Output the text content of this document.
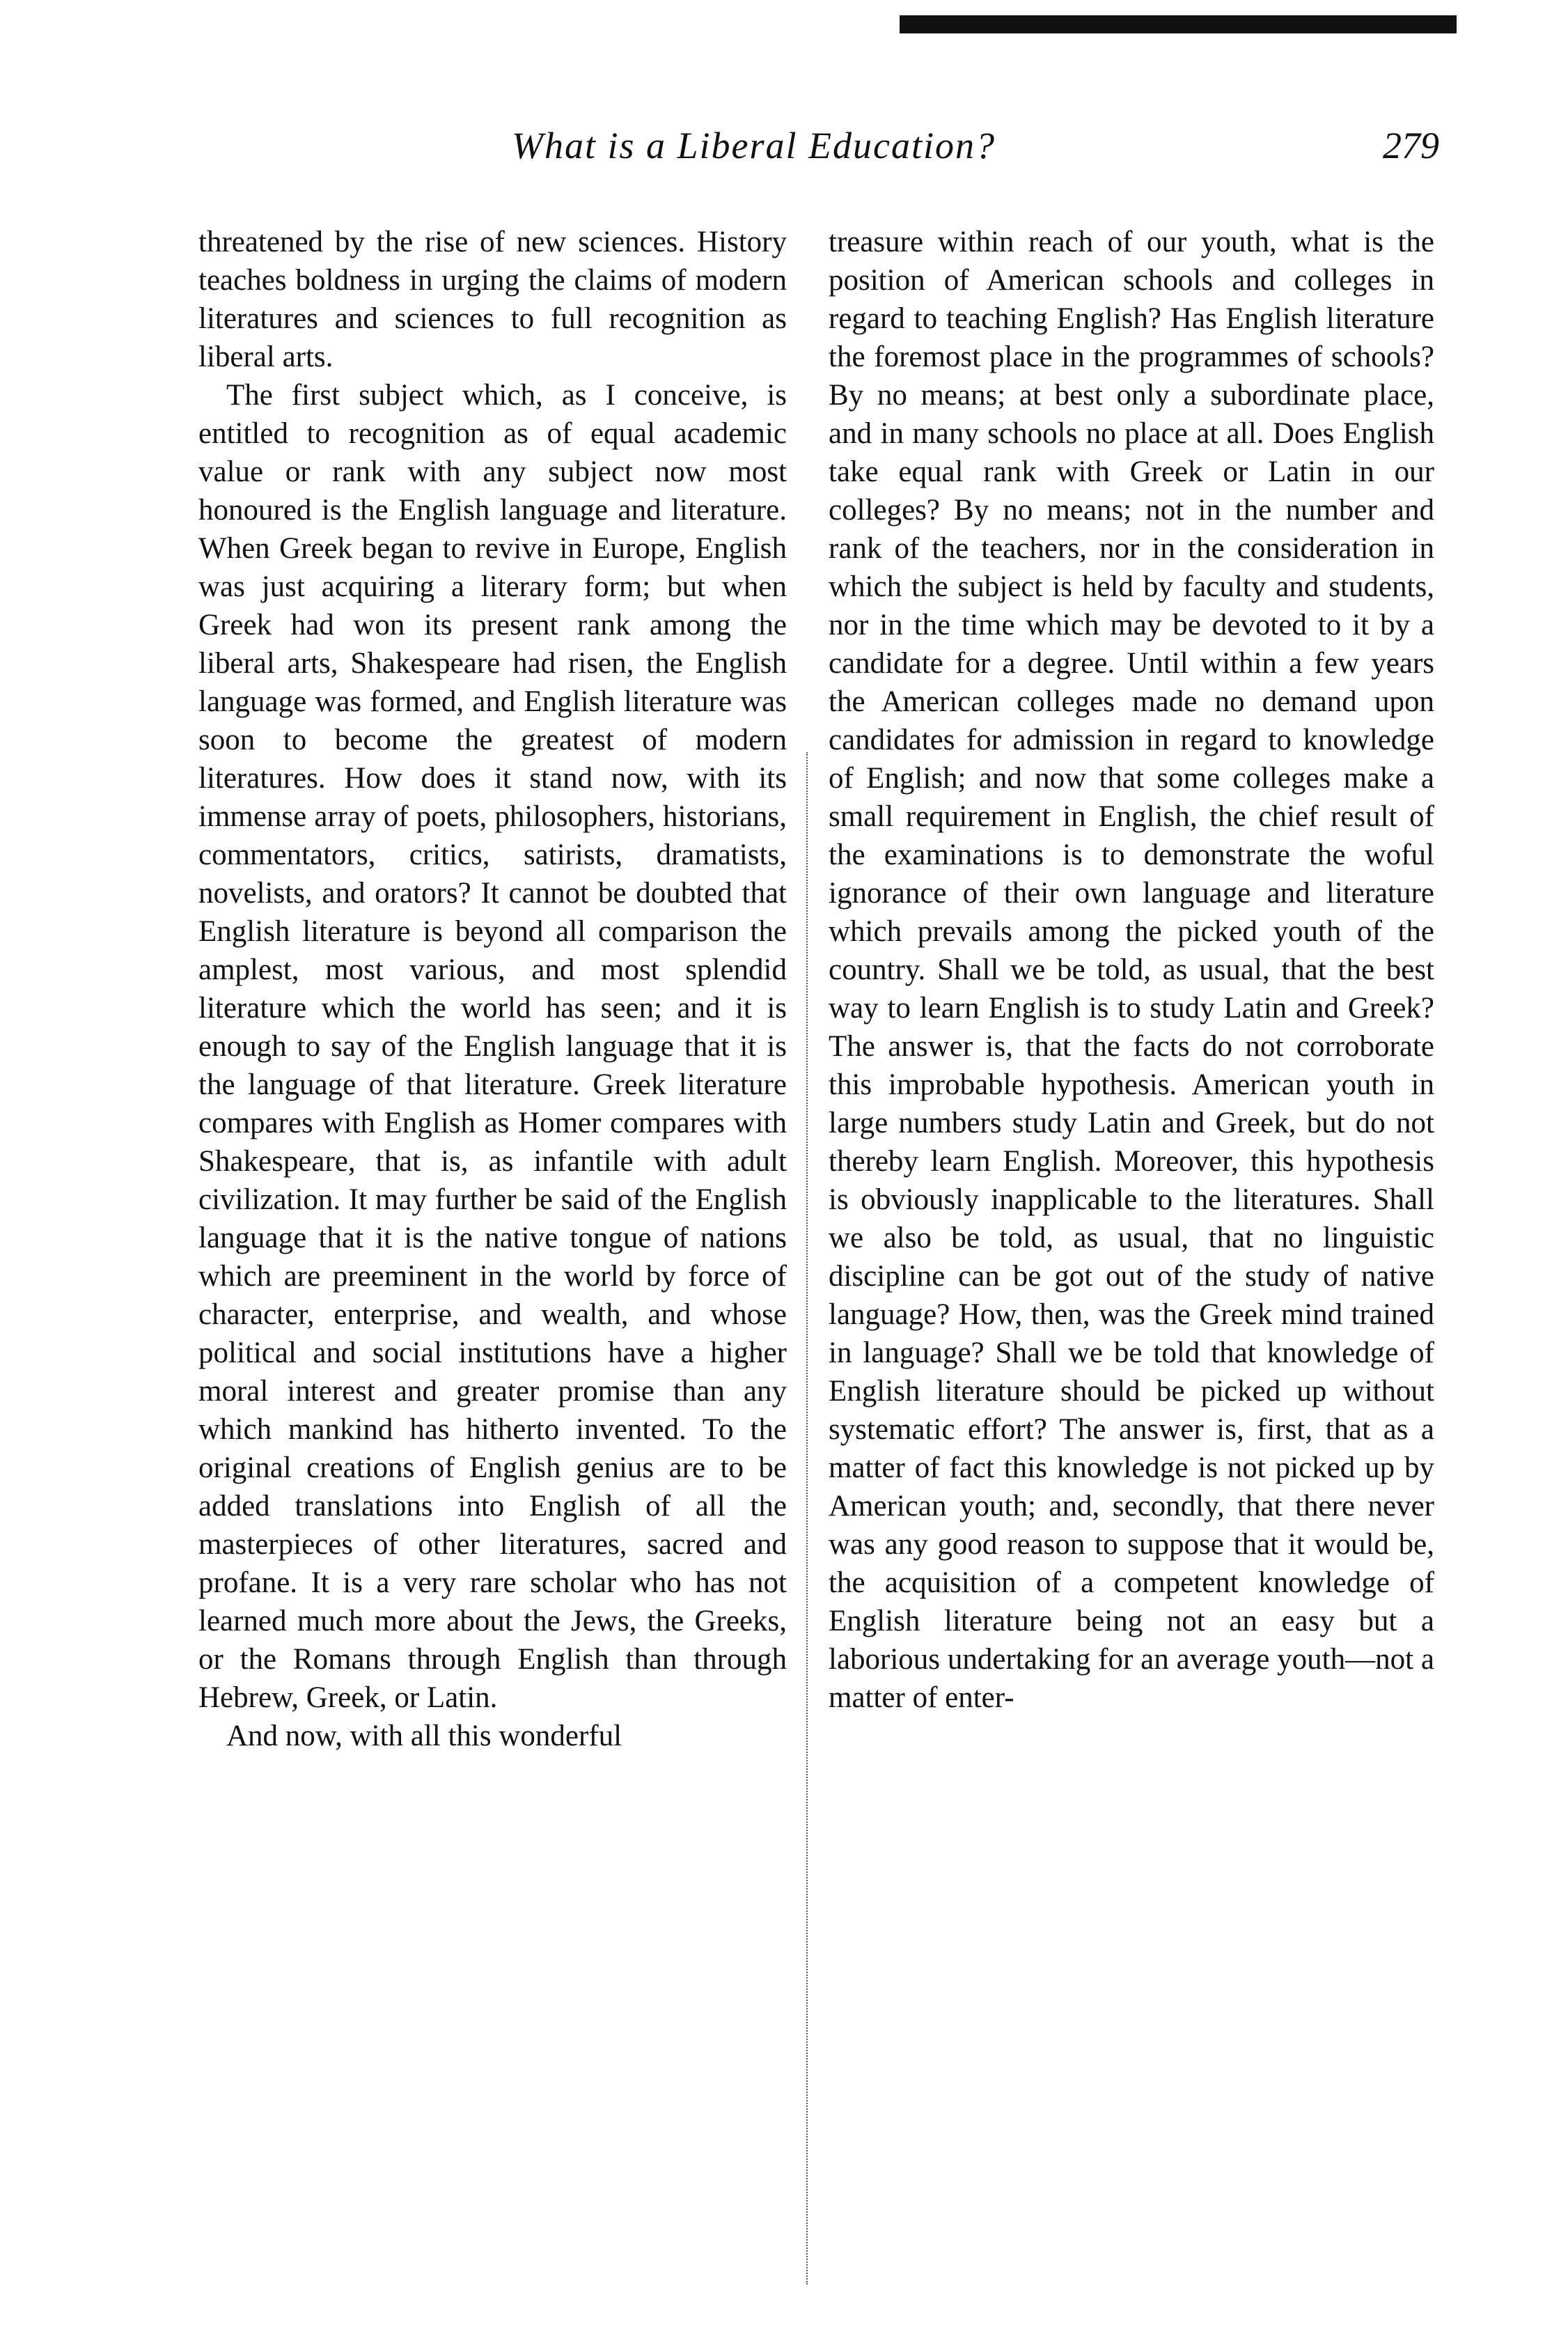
What is a Liberal Education?	279

threatened by the rise of new sciences. History teaches boldness in urging the claims of modern literatures and sciences to full recognition as liberal arts.

The first subject which, as I conceive, is entitled to recognition as of equal academic value or rank with any subject now most honoured is the English language and literature. When Greek began to revive in Europe, English was just acquiring a literary form; but when Greek had won its present rank among the liberal arts, Shakespeare had risen, the English language was formed, and English literature was soon to become the greatest of modern literatures. How does it stand now, with its immense array of poets, philosophers, historians, commentators, critics, satirists, dramatists, novelists, and orators? It cannot be doubted that English literature is beyond all comparison the amplest, most various, and most splendid literature which the world has seen; and it is enough to say of the English language that it is the language of that literature. Greek literature compares with English as Homer compares with Shakespeare, that is, as infantile with adult civilization. It may further be said of the English language that it is the native tongue of nations which are preeminent in the world by force of character, enterprise, and wealth, and whose political and social institutions have a higher moral interest and greater promise than any which mankind has hitherto invented. To the original creations of English genius are to be added translations into English of all the masterpieces of other literatures, sacred and profane. It is a very rare scholar who has not learned much more about the Jews, the Greeks, or the Romans through English than through Hebrew, Greek, or Latin.

And now, with all this wonderful

treasure within reach of our youth, what is the position of American schools and colleges in regard to teaching English? Has English literature the foremost place in the programmes of schools? By no means; at best only a subordinate place, and in many schools no place at all. Does English take equal rank with Greek or Latin in our colleges? By no means; not in the number and rank of the teachers, nor in the consideration in which the subject is held by faculty and students, nor in the time which may be devoted to it by a candidate for a degree. Until within a few years the American colleges made no demand upon candidates for admission in regard to knowledge of English; and now that some colleges make a small requirement in English, the chief result of the examinations is to demonstrate the woful ignorance of their own language and literature which prevails among the picked youth of the country. Shall we be told, as usual, that the best way to learn English is to study Latin and Greek? The answer is, that the facts do not corroborate this improbable hypothesis. American youth in large numbers study Latin and Greek, but do not thereby learn English. Moreover, this hypothesis is obviously inapplicable to the literatures. Shall we also be told, as usual, that no linguistic discipline can be got out of the study of native language? How, then, was the Greek mind trained in language? Shall we be told that knowledge of English literature should be picked up without systematic effort? The answer is, first, that as a matter of fact this knowledge is not picked up by American youth; and, secondly, that there never was any good reason to suppose that it would be, the acquisition of a competent knowledge of English literature being not an easy but a laborious undertaking for an average youth—not a matter of enter-
